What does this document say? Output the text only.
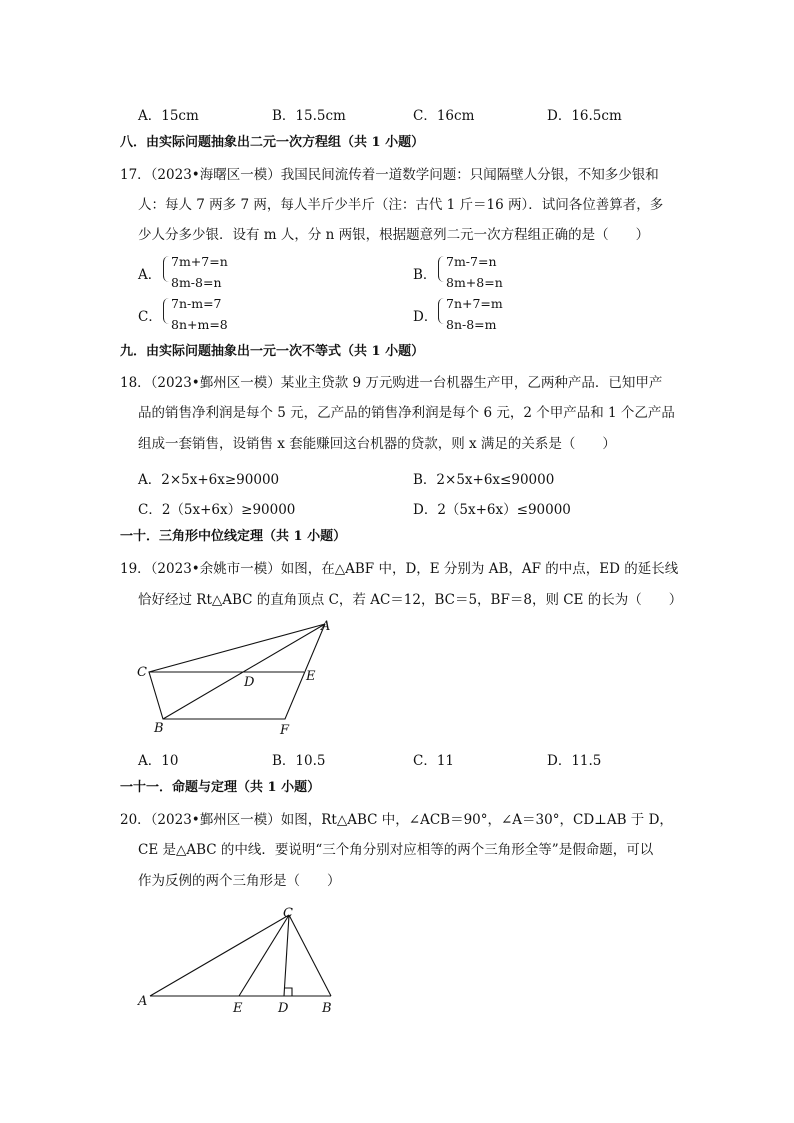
A．15cm	B．15.5cm	C．16cm	D．16.5cm
八．由实际问题抽象出二元一次方程组（共 1 小题）
17．（2023•海曙区一模）我国民间流传着一道数学问题：只闻隔壁人分银，不知多少银和
人：每人 7 两多 7 两，每人半斤少半斤（注：古代 1 斤＝16 两）．试问各位善算者，多
少人分多少银．设有 m 人，分 n 两银，根据题意列二元一次方程组正确的是（　　）
A．
7m+7=n
8m-8=n	B．
7m-7=n
8m+8=n
C．
7n-m=7
8n+m=8	D．
7n+7=m
8n-8=m
九．由实际问题抽象出一元一次不等式（共 1 小题）
18．（2023•鄞州区一模）某业主贷款 9 万元购进一台机器生产甲，乙两种产品．已知甲产
品的销售净利润是每个 5 元，乙产品的销售净利润是每个 6 元，2 个甲产品和 1 个乙产品
组成一套销售，设销售 x 套能赚回这台机器的贷款，则 x 满足的关系是（　　）
A．2×5x+6x≥90000	B．2×5x+6x≤90000
C．2（5x+6x）≥90000	D．2（5x+6x）≤90000
一十．三角形中位线定理（共 1 小题）
19．（2023•余姚市一模）如图，在△ABF 中，D，E 分别为 AB，AF 的中点，ED 的延长线
恰好经过 Rt△ABC 的直角顶点 C，若 AC＝12，BC＝5，BF＝8，则 CE 的长为（　　）
A
B
C
D	E
F
C
A	E	D	B
A．10	B．10.5	C．11	D．11.5
一十一．命题与定理（共 1 小题）
20．（2023•鄞州区一模）如图，Rt△ABC 中，∠ACB＝90°，∠A＝30°，CD⊥AB 于 D，
CE 是△ABC 的中线．要说明“三个角分别对应相等的两个三角形全等”是假命题，可以
作为反例的两个三角形是（　　）
